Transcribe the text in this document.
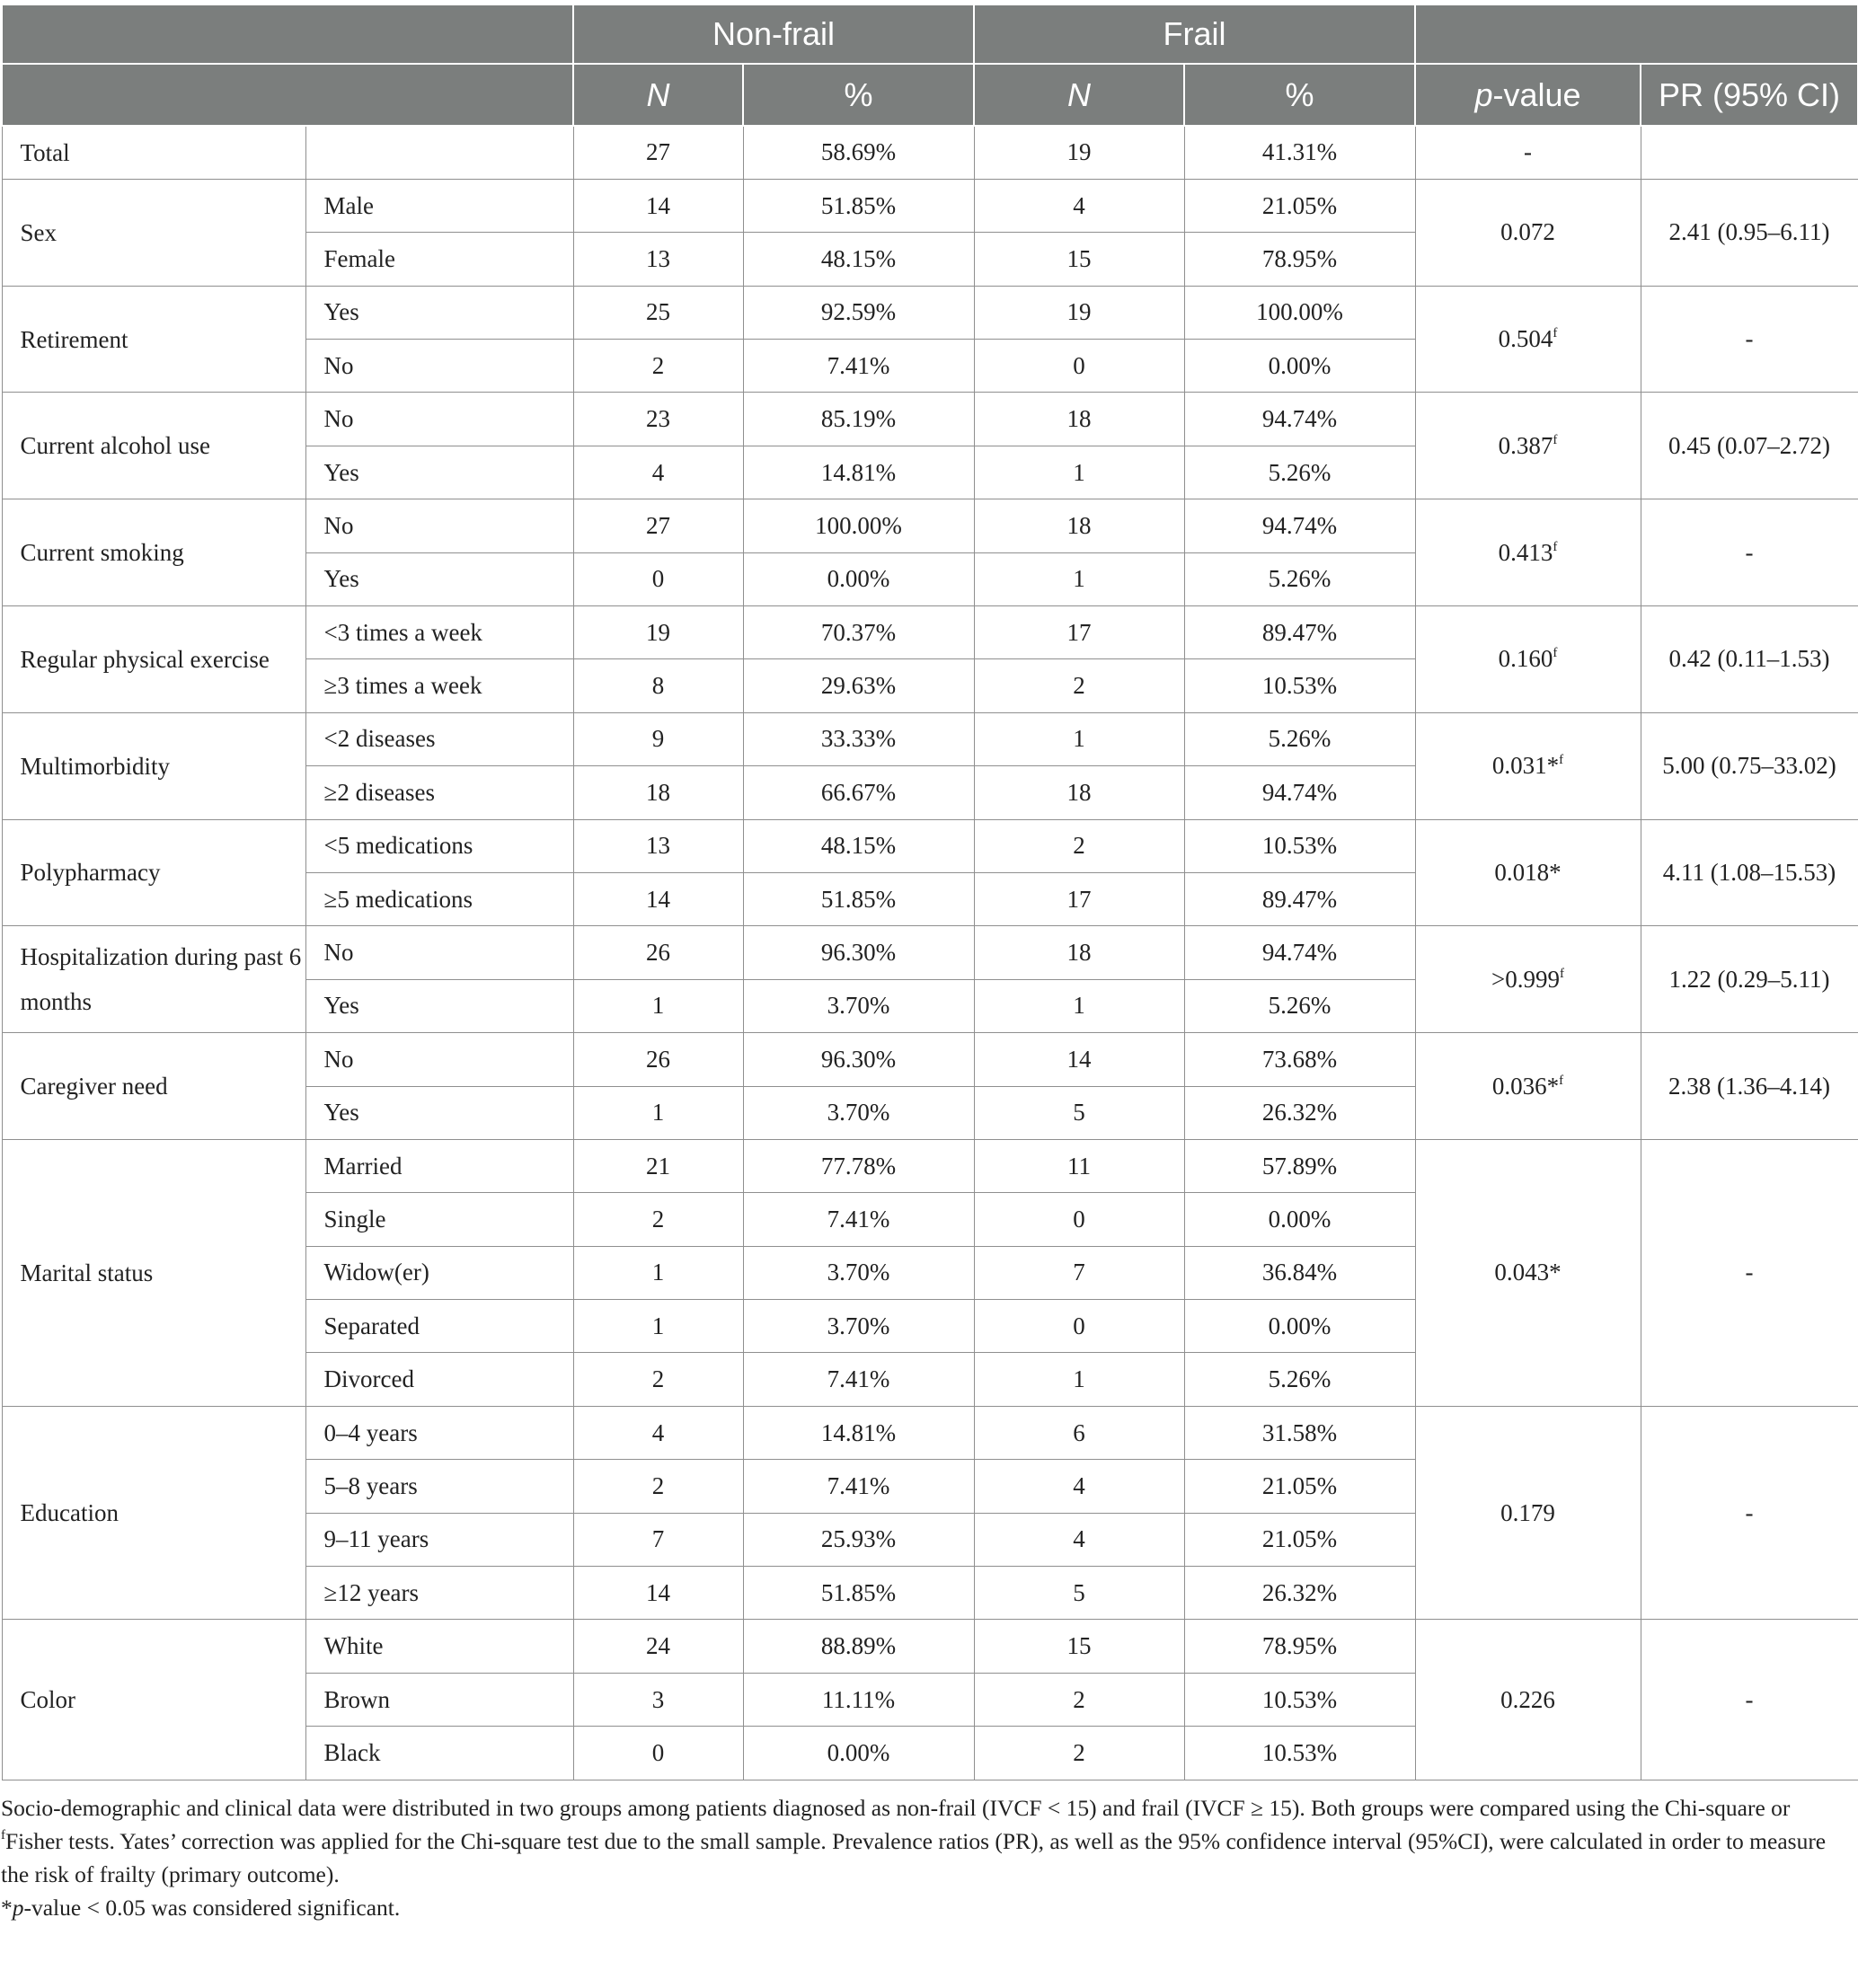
		Non-frail		Frail			
		N	%	N	%	p-value	PR (95% CI)
Total		27	58.69%	19	41.31%	-	
Sex	Male	14	51.85%	4	21.05%	0.072	2.41 (0.95–6.11)
	Female	13	48.15%	15	78.95%		
Retirement	Yes	25	92.59%	19	100.00%	0.504$^f$	-
	No	2	7.41%	0	0.00%		
Current alcohol use	No	23	85.19%	18	94.74%	0.387$^f$	0.45 (0.07–2.72)
	Yes	4	14.81%	1	5.26%		
Current smoking	No	27	100.00%	18	94.74%	0.413$^f$	-
	Yes	0	0.00%	1	5.26%		
Regular physical exercise	<3 times a week	19	70.37%	17	89.47%	0.160$^f$	0.42 (0.11–1.53)
	≥3 times a week	8	29.63%	2	10.53%		
Multimorbidity	<2 diseases	9	33.33%	1	5.26%	0.031*$^f$	5.00 (0.75–33.02)
	≥2 diseases	18	66.67%	18	94.74%		
Polypharmacy	<5 medications	13	48.15%	2	10.53%	0.018*	4.11 (1.08–15.53)
	≥5 medications	14	51.85%	17	89.47%		
Hospitalization during past 6 months	No	26	96.30%	18	94.74%	>0.999$^f$	1.22 (0.29–5.11)
	Yes	1	3.70%	1	5.26%		
Caregiver need	No	26	96.30%	14	73.68%	0.036*$^f$	2.38 (1.36–4.14)
	Yes	1	3.70%	5	26.32%		
Marital status	Married	21	77.78%	11	57.89%	0.043*	-
	Single	2	7.41%	0	0.00%		
	Widow(er)	1	3.70%	7	36.84%		
	Separated	1	3.70%	0	0.00%		
	Divorced	2	7.41%	1	5.26%		
Education	0–4 years	4	14.81%	6	31.58%	0.179	-
	5–8 years	2	7.41%	4	21.05%		
	9–11 years	7	25.93%	4	21.05%		
	≥12 years	14	51.85%	5	26.32%		
Color	White	24	88.89%	15	78.95%	0.226	-
	Brown	3	11.11%	2	10.53%		
	Black	0	0.00%	2	10.53%		

Socio-demographic and clinical data were distributed in two groups among patients diagnosed as non-frail (IVCF < 15) and frail (IVCF ≥ 15). Both groups were compared using the Chi-square or $^f$Fisher tests. Yates’ correction was applied for the Chi-square test due to the small sample. Prevalence ratios (PR), as well as the 95% confidence interval (95%CI), were calculated in order to measure the risk of frailty (primary outcome).

*p-value < 0.05 was considered significant.
